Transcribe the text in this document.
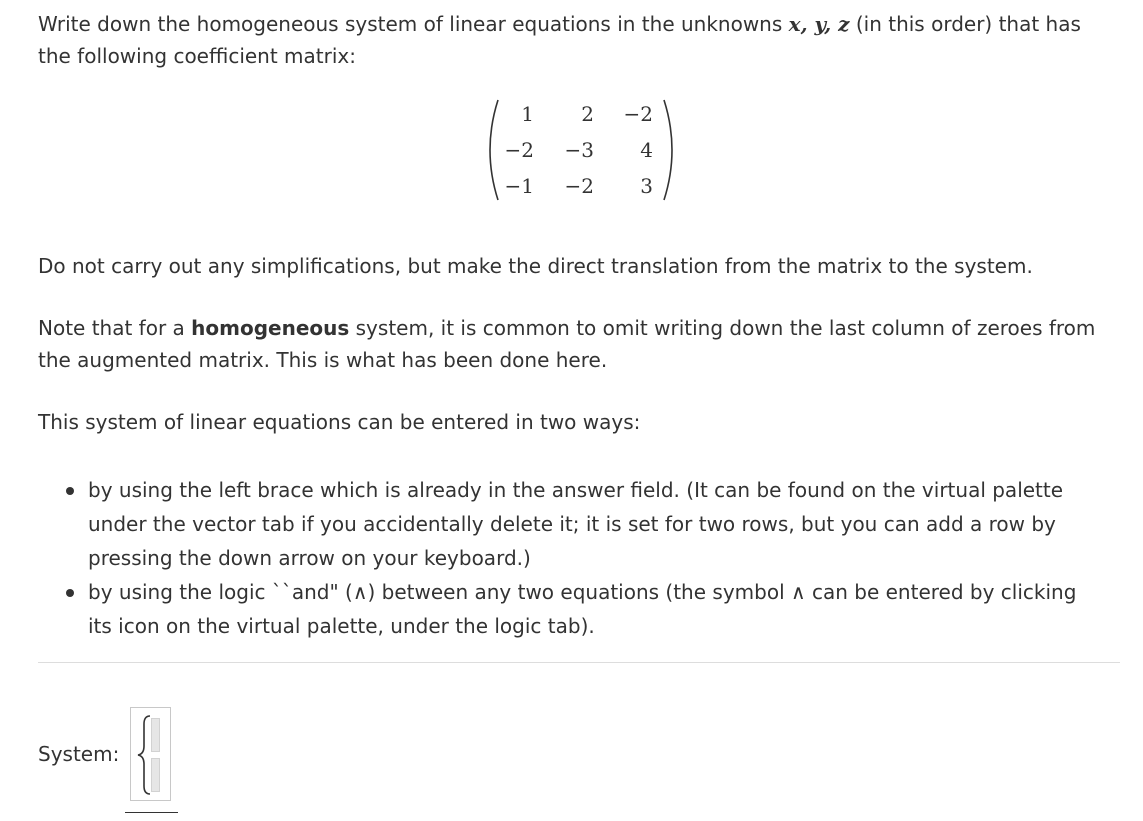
Write down the homogeneous system of linear equations in the unknowns x, y, z (in this order) that has the following coefficient matrix:

1	2	−2
−2	−3	4
−1	−2	3

Do not carry out any simplifications, but make the direct translation from the matrix to the system.

Note that for a homogeneous system, it is common to omit writing down the last column of zeroes from the augmented matrix. This is what has been done here.

This system of linear equations can be entered in two ways:

by using the left brace which is already in the answer field. (It can be found on the virtual palette under the vector tab if you accidentally delete it; it is set for two rows, but you can add a row by pressing the down arrow on your keyboard.)
by using the logic ˋˋand" (∧) between any two equations (the symbol ∧ can be entered by clicking its icon on the virtual palette, under the logic tab).
System:
